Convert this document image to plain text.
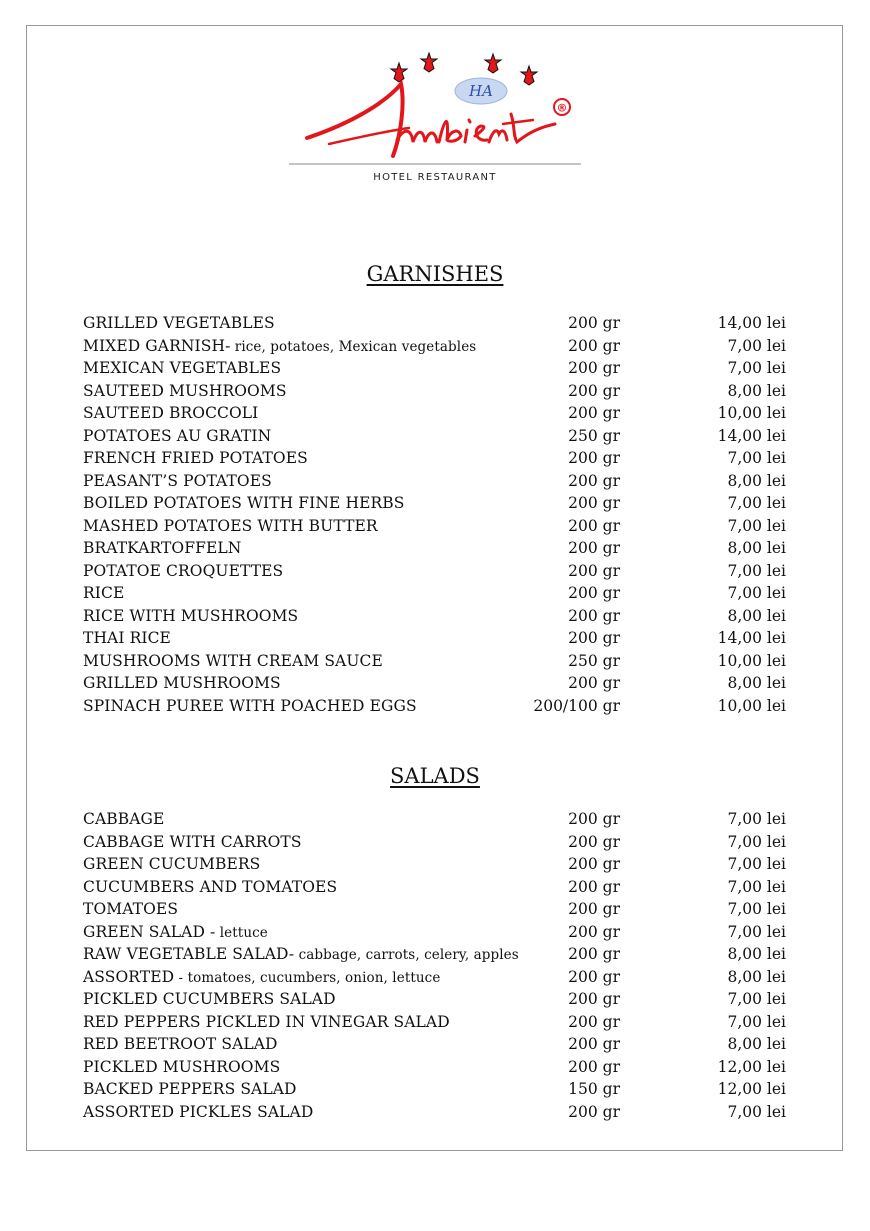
HA
®
HOTEL RESTAURANT
GARNISHES
GRILLED VEGETABLES	200 gr	14,00 lei
MIXED GARNISH- rice, potatoes, Mexican vegetables	200 gr	7,00 lei
MEXICAN VEGETABLES	200 gr	7,00 lei
SAUTEED MUSHROOMS	200 gr	8,00 lei
SAUTEED BROCCOLI	200 gr	10,00 lei
POTATOES AU GRATIN	250 gr	14,00 lei
FRENCH FRIED POTATOES	200 gr	7,00 lei
PEASANT’S POTATOES	200 gr	8,00 lei
BOILED POTATOES WITH FINE HERBS	200 gr	7,00 lei
MASHED POTATOES WITH BUTTER	200 gr	7,00 lei
BRATKARTOFFELN	200 gr	8,00 lei
POTATOE CROQUETTES	200 gr	7,00 lei
RICE	200 gr	7,00 lei
RICE WITH MUSHROOMS	200 gr	8,00 lei
THAI RICE	200 gr	14,00 lei
MUSHROOMS WITH CREAM SAUCE	250 gr	10,00 lei
GRILLED MUSHROOMS	200 gr	8,00 lei
SPINACH PUREE WITH POACHED EGGS	200/100 gr	10,00 lei
SALADS
CABBAGE	200 gr	7,00 lei
CABBAGE WITH CARROTS	200 gr	7,00 lei
GREEN CUCUMBERS	200 gr	7,00 lei
CUCUMBERS AND TOMATOES	200 gr	7,00 lei
TOMATOES	200 gr	7,00 lei
GREEN SALAD - lettuce	200 gr	7,00 lei
RAW VEGETABLE SALAD- cabbage, carrots, celery, apples	200 gr	8,00 lei
ASSORTED - tomatoes, cucumbers, onion, lettuce	200 gr	8,00 lei
PICKLED CUCUMBERS SALAD	200 gr	7,00 lei
RED PEPPERS PICKLED IN VINEGAR SALAD	200 gr	7,00 lei
RED BEETROOT SALAD	200 gr	8,00 lei
PICKLED MUSHROOMS	200 gr	12,00 lei
BACKED PEPPERS SALAD	150 gr	12,00 lei
ASSORTED PICKLES SALAD	200 gr	7,00 lei
